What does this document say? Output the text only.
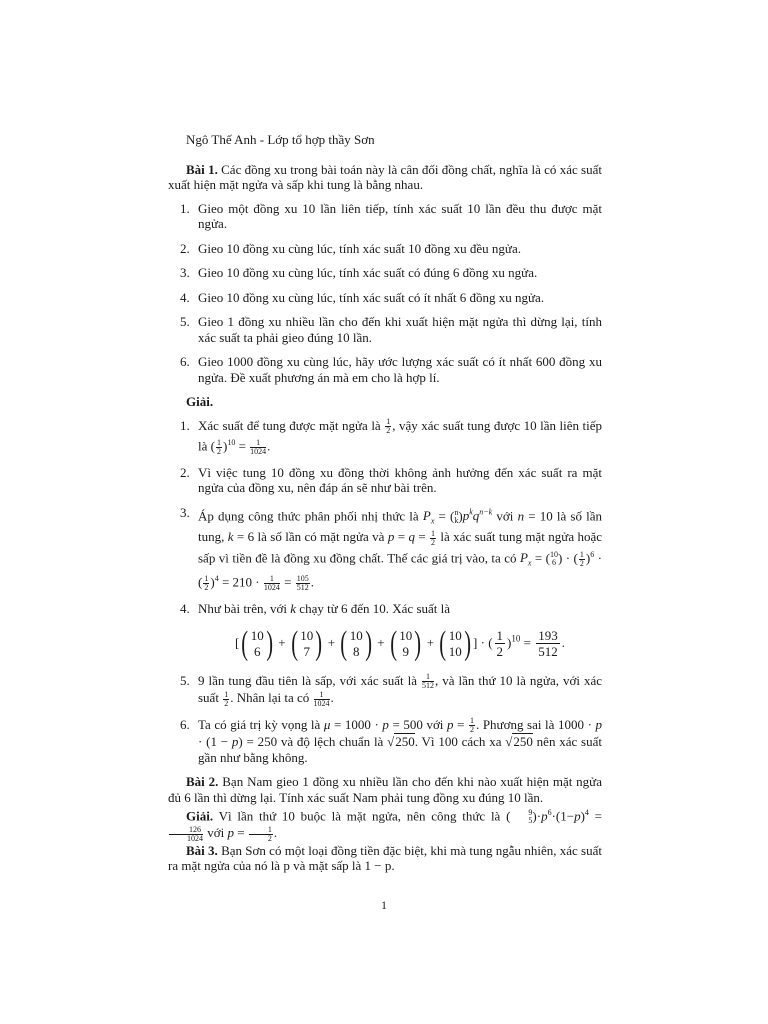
Ngô Thế Anh - Lớp tổ hợp thầy Sơn

Bài 1. Các đồng xu trong bài toán này là cân đối đồng chất, nghĩa là có xác suất xuất hiện mặt ngửa và sấp khi tung là bằng nhau.

1. Gieo một đồng xu 10 lần liên tiếp, tính xác suất 10 lần đều thu được mặt ngửa.
2. Gieo 10 đồng xu cùng lúc, tính xác suất 10 đồng xu đều ngửa.
3. Gieo 10 đồng xu cùng lúc, tính xác suất có đúng 6 đồng xu ngửa.
4. Gieo 10 đồng xu cùng lúc, tính xác suất có ít nhất 6 đồng xu ngửa.
5. Gieo 1 đồng xu nhiều lần cho đến khi xuất hiện mặt ngửa thì dừng lại, tính xác suất ta phải gieo đúng 10 lần.
6. Gieo 1000 đồng xu cùng lúc, hãy ước lượng xác suất có ít nhất 600 đồng xu ngửa. Đề xuất phương án mà em cho là hợp lí.
Giải.
1. Xác suất để tung được mặt ngửa là $\frac{1}{2}$ , vậy xác suất tung được 10 lần liên tiếp là ( $\frac{1}{2} )^{10} = \frac{1}{1024}$ .
2. Vì việc tung 10 đồng xu đồng thời không ảnh hưởng đến xác suất ra mặt ngửa của đồng xu, nên đáp án sẽ như bài trên.
3. Áp dụng công thức phân phối nhị thức là $P_x$ = ( n
k )$p^kq^{n-k}$ với n = 10 là số lần tung, k = 6 là số lần có mặt ngửa và $p = q = \frac{1}{2}$ là xác suất tung mặt ngửa hoặc sấp vì tiền đề là đồng xu đồng chất. Thế các giá trị vào, ta có $P_x$ = ( 10
6 ) · ( $\frac{1}{2} )^6$ · ( $\frac{1}{2} )^4 = 210 \cdot \frac{1}{1024} = \frac{105}{512}$ .
4. Như bài trên, với k chạy từ 6 đến 10. Xác suất là
[ ( 10
6 ) + ( 10
7 ) + ( 10
8 ) + ( 10
9 ) + ( 10
10 ) ] · ( $\frac{1}{2} )^{10} = \frac{193}{512}$ .
5. 9 lần tung đầu tiên là sấp, với xác suất là $\frac{1}{512}$ , và lần thứ 10 là ngửa, với xác suất $\frac{1}{2}$ . Nhân lại ta có $\frac{1}{1024}$ .
6. Ta có giá trị kỳ vọng là μ = 1000 · p = 500 với $p = \frac{1}{2}$ . Phương sai là 1000 · p · (1 − p) = 250 và độ lệch chuẩn là √250. Vì 100 cách xa √250 nên xác suất gần như bằng không.

Bài 2. Bạn Nam gieo 1 đồng xu nhiều lần cho đến khi nào xuất hiện mặt ngửa đủ 6 lần thì dừng lại. Tính xác suất Nam phải tung đồng xu đúng 10 lần.

Giải. Vì lần thứ 10 buộc là mặt ngửa, nên công thức là (	9
5 )$\cdot p^6\cdot(1-p)^4$ =
$\frac{126}{1024}$ với $p = \frac{1}{2}$ .

Bài 3. Bạn Sơn có một loại đồng tiền đặc biệt, khi mà tung ngẫu nhiên, xác suất ra mặt ngửa của nó là p và mặt sấp là 1 − p.

1
